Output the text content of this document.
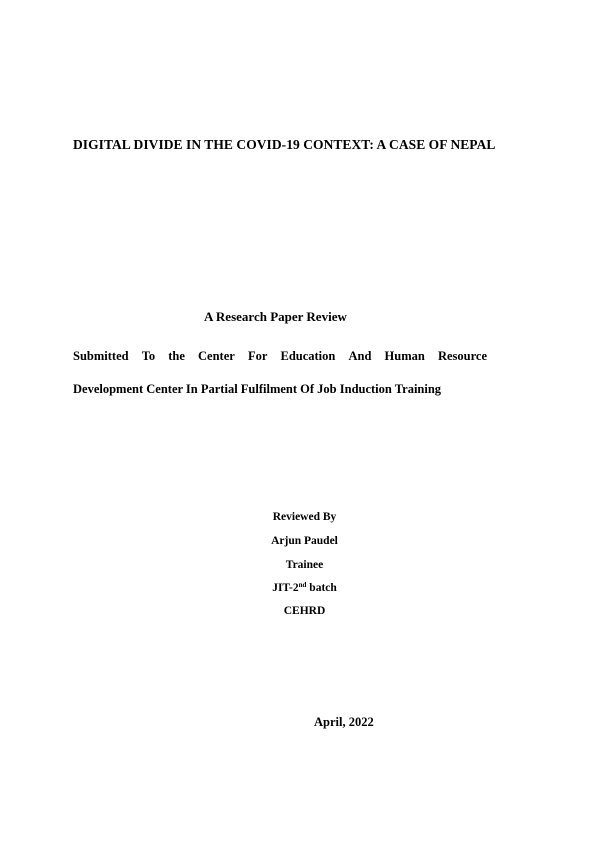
DIGITAL DIVIDE IN THE COVID-19 CONTEXT: A CASE OF NEPAL
A Research Paper Review
Submitted To the Center For Education And Human Resource
Development Center In Partial Fulfilment Of Job Induction Training
Reviewed By
Arjun Paudel
Trainee
JIT-2nd batch
CEHRD
April, 2022
